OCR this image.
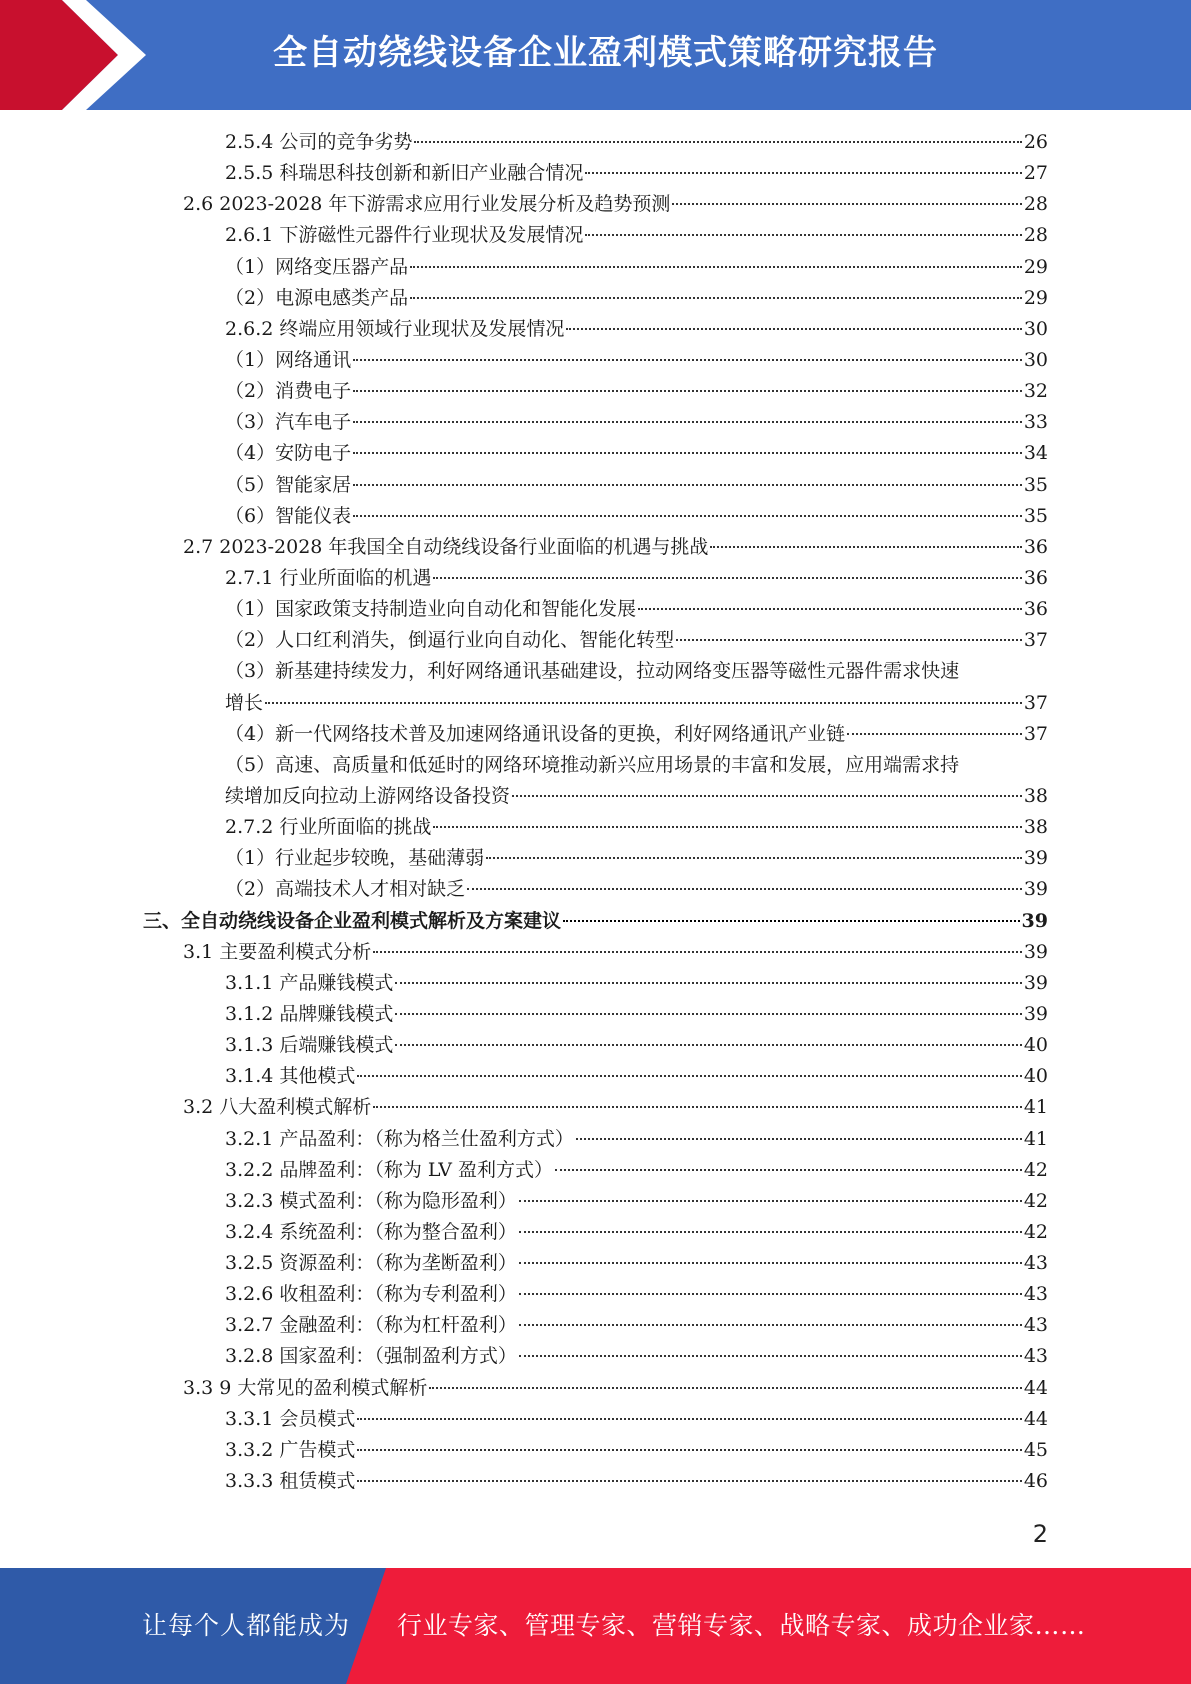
全自动绕线设备企业盈利模式策略研究报告
2.5.4 公司的竞争劣势	26
2.5.5 科瑞思科技创新和新旧产业融合情况	27
2.6 2023-2028 年下游需求应用行业发展分析及趋势预测	28
2.6.1 下游磁性元器件行业现状及发展情况	28
（1）网络变压器产品	29
（2）电源电感类产品	29
2.6.2 终端应用领域行业现状及发展情况	30
（1）网络通讯	30
（2）消费电子	32
（3）汽车电子	33
（4）安防电子	34
（5）智能家居	35
（6）智能仪表	35
2.7 2023-2028 年我国全自动绕线设备行业面临的机遇与挑战	36
2.7.1 行业所面临的机遇	36
（1）国家政策支持制造业向自动化和智能化发展	36
（2）人口红利消失，倒逼行业向自动化、智能化转型	37
（3）新基建持续发力，利好网络通讯基础建设，拉动网络变压器等磁性元器件需求快速
增长	37
（4）新一代网络技术普及加速网络通讯设备的更换，利好网络通讯产业链	37
（5）高速、高质量和低延时的网络环境推动新兴应用场景的丰富和发展，应用端需求持
续增加反向拉动上游网络设备投资	38
2.7.2 行业所面临的挑战	38
（1）行业起步较晚，基础薄弱	39
（2）高端技术人才相对缺乏	39
三、全自动绕线设备企业盈利模式解析及方案建议	39
3.1 主要盈利模式分析	39
3.1.1 产品赚钱模式	39
3.1.2 品牌赚钱模式	39
3.1.3 后端赚钱模式	40
3.1.4 其他模式	40
3.2 八大盈利模式解析	41
3.2.1 产品盈利：（称为格兰仕盈利方式）	41
3.2.2 品牌盈利：（称为 LV 盈利方式）	42
3.2.3 模式盈利：（称为隐形盈利）	42
3.2.4 系统盈利：（称为整合盈利）	42
3.2.5 资源盈利：（称为垄断盈利）	43
3.2.6 收租盈利：（称为专利盈利）	43
3.2.7 金融盈利：（称为杠杆盈利）	43
3.2.8 国家盈利：（强制盈利方式）	43
3.3 9 大常见的盈利模式解析	44
3.3.1 会员模式	44
3.3.2 广告模式	45
3.3.3 租赁模式	46
2
让每个人都能成为 行业专家、管理专家、营销专家、战略专家、成功企业家……
